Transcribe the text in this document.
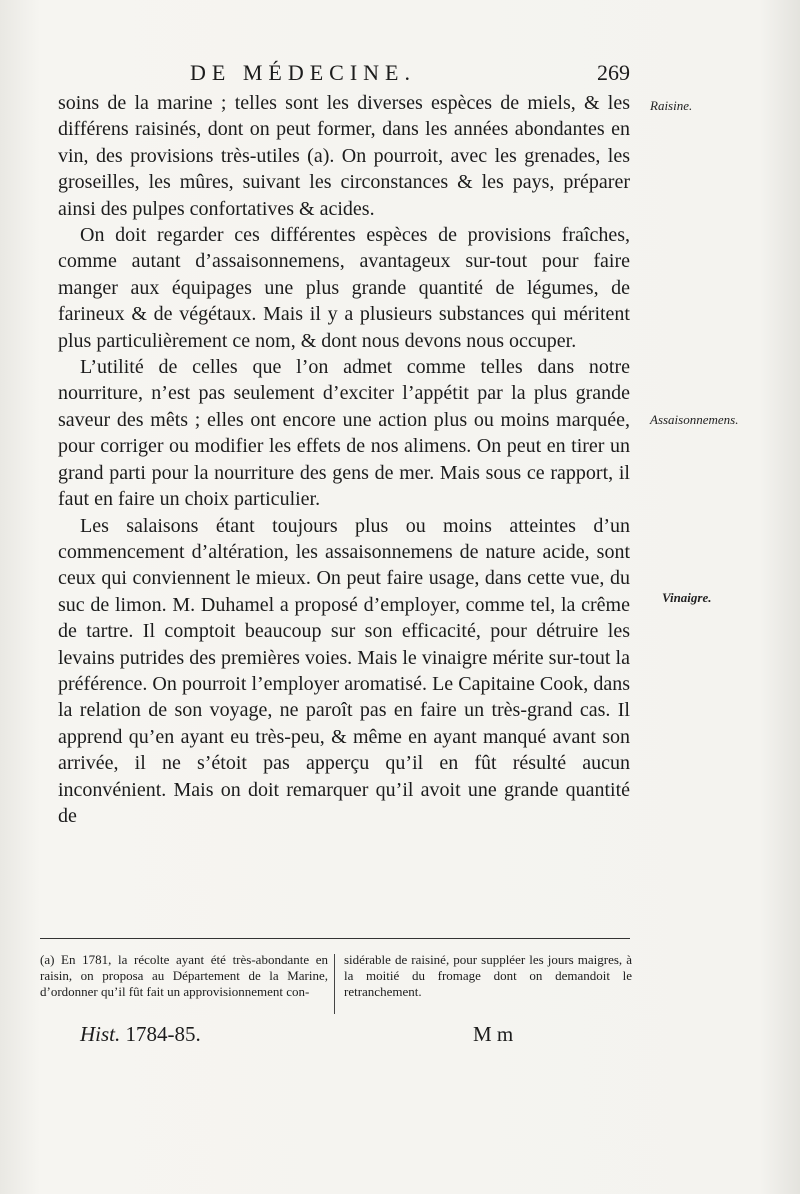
DE MÉDECINE.	269
Raisine.
Assaisonnemens.
Vinaigre.

soins de la marine ; telles sont les diverses espèces de miels, & les différens raisinés, dont on peut former, dans les années abondantes en vin, des provisions très-utiles (a). On pourroit, avec les grenades, les groseilles, les mûres, suivant les circonstances & les pays, préparer ainsi des pulpes confortatives & acides.

On doit regarder ces différentes espèces de provisions fraîches, comme autant d’assaisonnemens, avantageux sur-tout pour faire manger aux équipages une plus grande quantité de légumes, de farineux & de végétaux. Mais il y a plusieurs substances qui méritent plus particulièrement ce nom, & dont nous devons nous occuper.

L’utilité de celles que l’on admet comme telles dans notre nourriture, n’est pas seulement d’exciter l’appétit par la plus grande saveur des mêts ; elles ont encore une action plus ou moins marquée, pour corriger ou modifier les effets de nos alimens. On peut en tirer un grand parti pour la nourriture des gens de mer. Mais sous ce rapport, il faut en faire un choix particulier.

Les salaisons étant toujours plus ou moins atteintes d’un commencement d’altération, les assaisonnemens de nature acide, sont ceux qui conviennent le mieux. On peut faire usage, dans cette vue, du suc de limon. M. Duhamel a proposé d’employer, comme tel, la crême de tartre. Il comptoit beaucoup sur son efficacité, pour détruire les levains putrides des premières voies. Mais le vinaigre mérite sur-tout la préférence. On pourroit l’employer aromatisé. Le Capitaine Cook, dans la relation de son voyage, ne paroît pas en faire un très-grand cas. Il apprend qu’en ayant eu très-peu, & même en ayant manqué avant son arrivée, il ne s’étoit pas apperçu qu’il en fût résulté aucun inconvénient. Mais on doit remarquer qu’il avoit une grande quantité de

(a) En 1781, la récolte ayant été très-abondante en raisin, on proposa au Département de la Marine, d’ordonner qu’il fût fait un approvisionnement con-
sidérable de raisiné, pour suppléer les jours maigres, à la moitié du fromage dont on demandoit le retranchement.
Hist. 1784-85.	M m
